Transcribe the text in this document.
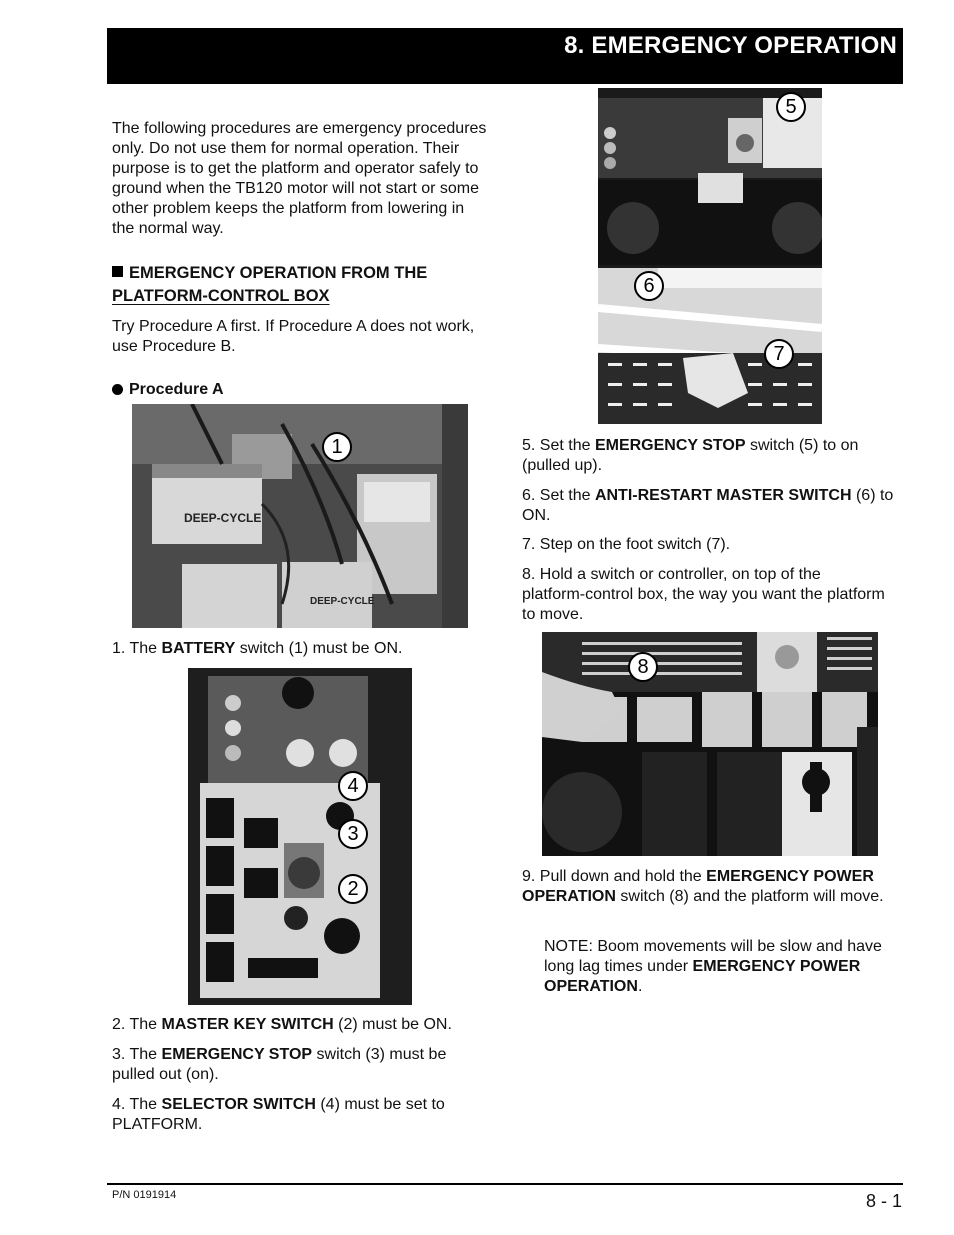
8. EMERGENCY OPERATION

The following procedures are emergency procedures only. Do not use them for normal operation. Their purpose is to get the platform and operator safely to ground when the TB120 motor will not start or some other problem keeps the platform from lowering in the normal way.

EMERGENCY OPERATION FROM THE
PLATFORM-CONTROL BOX

Try Procedure A first. If Procedure A does not work, use Procedure B.

Procedure A
DEEP-CYCLE
DEEP-CYCLE
1

1. The BATTERY switch (1) must be ON.

4
3
2

2. The MASTER KEY SWITCH (2) must be ON.

3. The EMERGENCY STOP switch (3) must be pulled out (on).

4. The SELECTOR SWITCH (4) must be set to PLATFORM.

5
6
7

5. Set the EMERGENCY STOP switch (5) to on (pulled up).

6. Set the ANTI-RESTART MASTER SWITCH (6) to ON.

7. Step on the foot switch (7).

8. Hold a switch or controller, on top of the platform-control box, the way you want the platform to move.

8

9. Pull down and hold the EMERGENCY POWER OPERATION switch (8) and the platform will move.

NOTE: Boom movements will be slow and have long lag times under EMERGENCY POWER OPERATION.

P/N 0191914	8 - 1
